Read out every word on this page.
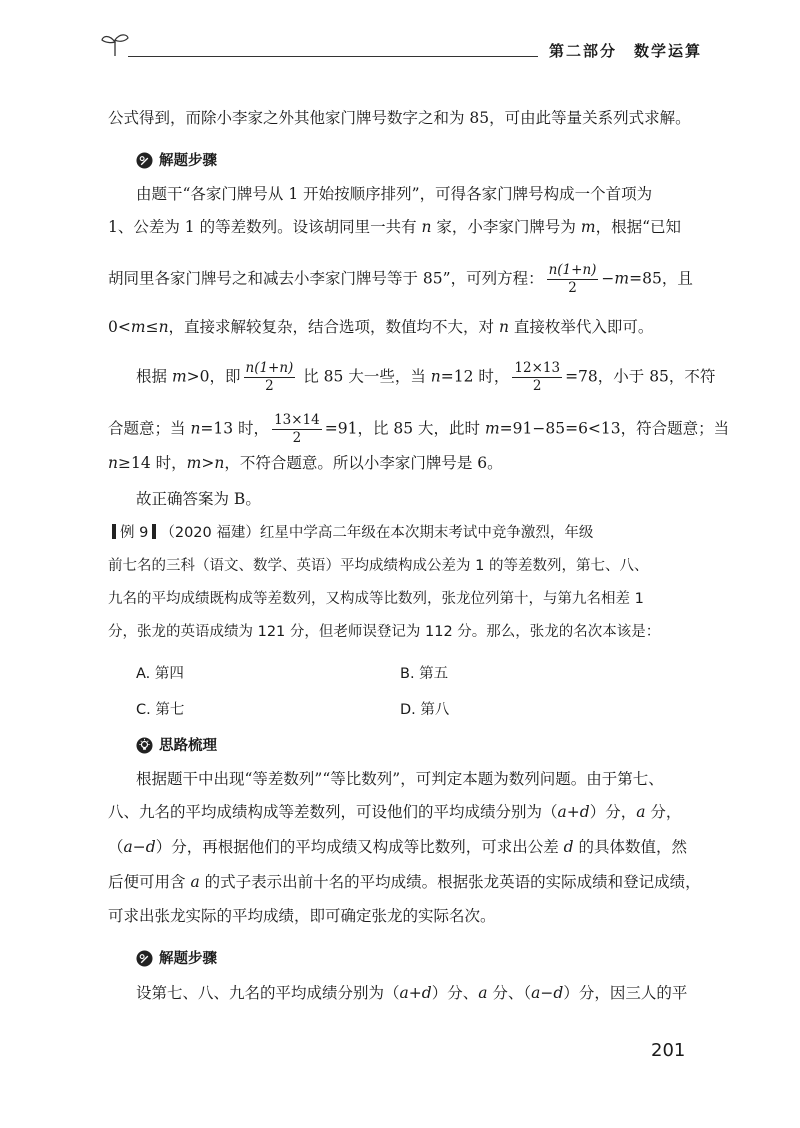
第二部分　数学运算
公式得到，而除小李家之外其他家门牌号数字之和为 85，可由此等量关系列式求解。
解题步骤
由题干“各家门牌号从 1 开始按顺序排列”，可得各家门牌号构成一个首项为
1、公差为 1 的等差数列。设该胡同里一共有 n 家，小李家门牌号为 m，根据“已知
胡同里各家门牌号之和减去小李家门牌号等于 85”，可列方程： $\frac{n(1+n)}{2} -m=85$，且
0<m≤n，直接求解较复杂，结合选项，数值均不大，对 n 直接枚举代入即可。
根据 m>0，即 $\frac{n(1+n)}{2}$ 比 85 大一些，当 n=12 时， $\frac{12\times 13}{2} =78$，小于 85，不符
合题意；当 n=13 时， $\frac{13\times 14}{2} =91$，比 85 大，此时 m=91−85=6<13，符合题意；当
n≥14 时，m>n，不符合题意。所以小李家门牌号是 6。
故正确答案为 B。
例 9 （2020 福建）红星中学高二年级在本次期末考试中竞争激烈，年级
前七名的三科（语文、数学、英语）平均成绩构成公差为 1 的等差数列，第七、八、
九名的平均成绩既构成等差数列，又构成等比数列，张龙位列第十，与第九名相差 1
分，张龙的英语成绩为 121 分，但老师误登记为 112 分。那么，张龙的名次本该是：
A. 第四	B. 第五
C. 第七	D. 第八
思路梳理
根据题干中出现“等差数列”“等比数列”，可判定本题为数列问题。由于第七、
八、九名的平均成绩构成等差数列，可设他们的平均成绩分别为（a+d）分，a 分，
（a−d）分，再根据他们的平均成绩又构成等比数列，可求出公差 d 的具体数值，然
后便可用含 a 的式子表示出前十名的平均成绩。根据张龙英语的实际成绩和登记成绩，
可求出张龙实际的平均成绩，即可确定张龙的实际名次。
解题步骤
设第七、八、九名的平均成绩分别为（a+d）分、a 分、（a−d）分，因三人的平
201
